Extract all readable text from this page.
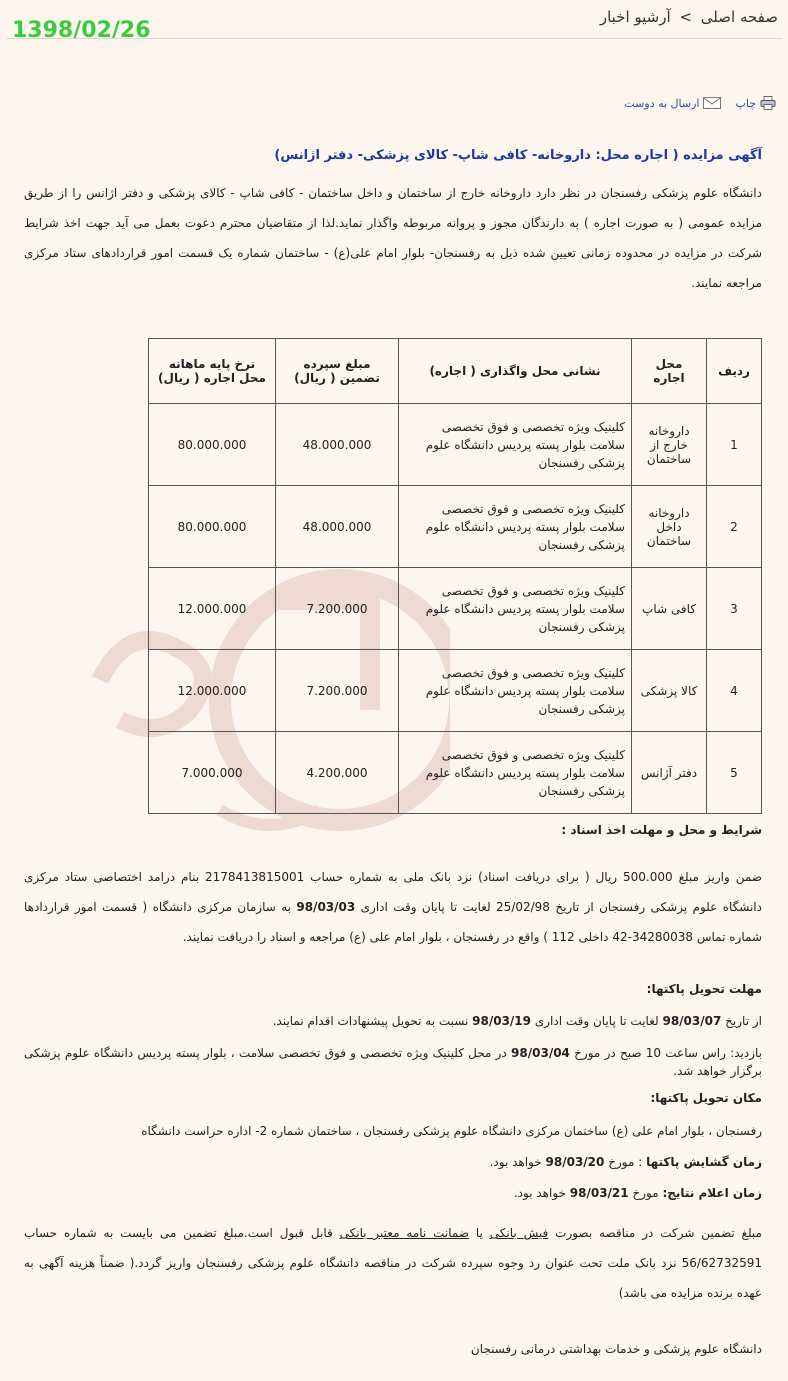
صفحه اصلی > آرشیو اخبار
1398/02/26
چاپ
ارسال به دوست
آگهی مزایده ( اجاره محل: داروخانه- کافی شاپ- کالای پزشکی- دفتر اژانس)
دانشگاه علوم پزشکی رفسنجان در نظر دارد داروخانه خارج از ساختمان و داخل ساختمان - کافی شاپ - کالای پزشکی و دفتر اژانس را از طریق مزایده عمومی ( به صورت اجاره ) به دارندگان مجوز و پروانه مربوطه واگذار نماید.لذا از متقاضیان محترم دعوت بعمل می آید جهت اخذ شرایط شرکت در مزایده در محدوده زمانی تعیین شده ذیل به رفسنجان- بلوار امام علی(ع) - ساختمان شماره یک قسمت امور قراردادهای ستاد مرکزی مراجعه نمایند.
ردیف	محل اجاره	نشانی محل واگذاری ( اجاره)	مبلغ سپرده تضمین ( ریال)	نرخ پایه ماهانه محل اجاره ( ریال)
1	داروخانه خارج از ساختمان	کلینیک ویژه تخصصی و فوق تخصصی سلامت بلوار پسته پردیس دانشگاه علوم پزشکی رفسنجان	48.000.000	80.000.000
2	داروخانه داخل ساختمان	کلینیک ویژه تخصصی و فوق تخصصی سلامت بلوار پسته پردیس دانشگاه علوم پزشکی رفسنجان	48.000.000	80.000.000
3	کافی شاپ	کلینیک ویژه تخصصی و فوق تخصصی سلامت بلوار پسته پردیس دانشگاه علوم پزشکی رفسنجان	7.200.000	12.000.000
4	کالا پزشکی	کلینیک ویژه تخصصی و فوق تخصصی سلامت بلوار پسته پردیس دانشگاه علوم پزشکی رفسنجان	7.200.000	12.000.000
5	دفتر آژانس	کلینیک ویژه تخصصی و فوق تخصصی سلامت بلوار پسته پردیس دانشگاه علوم پزشکی رفسنجان	4.200.000	7.000.000
شرایط و محل و مهلت اخذ اسناد :
ضمن واریز مبلغ 500.000 ریال ( برای دریافت اسناد) نزد بانک ملی به شماره حساب 2178413815001 بنام درامد اختصاصی ستاد مرکزی دانشگاه علوم پزشکی رفسنجان از تاریخ 25/02/98 لغایت تا پایان وقت اداری 98/03/03 به سازمان مرکزی دانشگاه ( قسمت امور قراردادها شماره تماس 34280038-42 داخلی 112 ) واقع در رفسنجان ، بلوار امام علی (ع) مراجعه و اسناد را دریافت نمایند.
مهلت تحویل پاکتها:
از تاریخ 98/03/07 لغایت تا پایان وقت اداری 98/03/19 نسبت به تحویل پیشنهادات اقدام نمایند.
بازدید: راس ساعت 10 صبح در مورخ 98/03/04 در محل کلینیک ویژه تخصصی و فوق تخصصی سلامت ، بلوار پسته پردیس دانشگاه علوم پزشکی برگزار خواهد شد.
مکان تحویل پاکتها:
رفسنجان ، بلوار امام علی (ع) ساختمان مرکزی دانشگاه علوم پزشکی رفسنجان ، ساختمان شماره 2- اداره حراست دانشگاه
زمان گشایش پاکتها : مورخ 98/03/20 خواهد بود.
زمان اعلام نتایج: مورخ 98/03/21 خواهد بود.
مبلغ تضمین شرکت در مناقصه بصورت فیش بانکی یا ضمانت نامه معتبر بانکی قابل قبول است.مبلغ تضمین می بایست به شماره حساب 56/62732591 نزد بانک ملت تحت عنوان رد وجوه سپرده شرکت در مناقصه دانشگاه علوم پزشکی رفسنجان واریز گردد.( ضمناً هزینه آگهی به عهده برنده مزایده می باشد)
دانشگاه علوم پزشکی و خدمات بهداشتی درمانی رفسنجان
